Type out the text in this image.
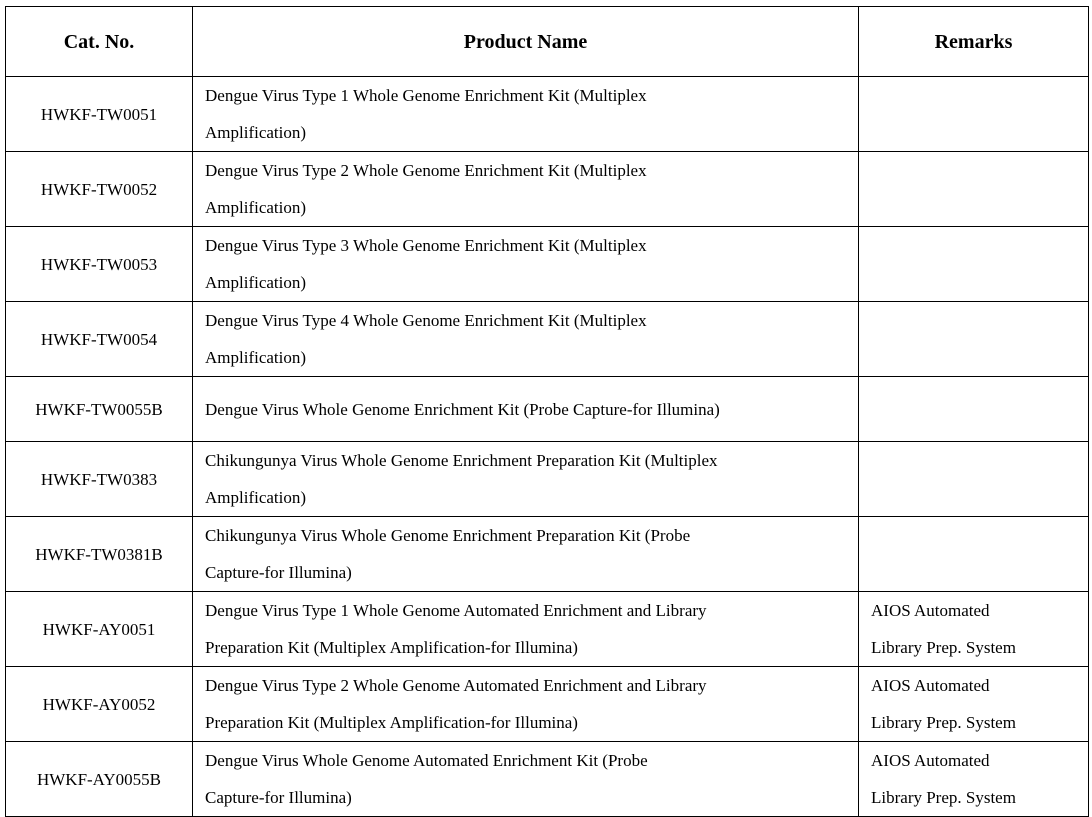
Cat. No.	Product Name	Remarks
HWKF-TW0051	Dengue Virus Type 1 Whole Genome Enrichment Kit (Multiplex
Amplification)	

HWKF-TW0052	Dengue Virus Type 2 Whole Genome Enrichment Kit (Multiplex
Amplification)	

HWKF-TW0053	Dengue Virus Type 3 Whole Genome Enrichment Kit (Multiplex
Amplification)	

HWKF-TW0054	Dengue Virus Type 4 Whole Genome Enrichment Kit (Multiplex
Amplification)	

HWKF-TW0055B	Dengue Virus Whole Genome Enrichment Kit (Probe Capture-for Illumina)	

HWKF-TW0383	Chikungunya Virus Whole Genome Enrichment Preparation Kit (Multiplex
Amplification)	

HWKF-TW0381B	Chikungunya Virus Whole Genome Enrichment Preparation Kit (Probe
Capture-for Illumina)	

HWKF-AY0051	Dengue Virus Type 1 Whole Genome Automated Enrichment and Library
Preparation Kit (Multiplex Amplification-for Illumina)	AIOS Automated
Library Prep. System

HWKF-AY0052	Dengue Virus Type 2 Whole Genome Automated Enrichment and Library
Preparation Kit (Multiplex Amplification-for Illumina)	AIOS Automated
Library Prep. System

HWKF-AY0055B	Dengue Virus Whole Genome Automated Enrichment Kit (Probe
Capture-for Illumina)	AIOS Automated
Library Prep. System
